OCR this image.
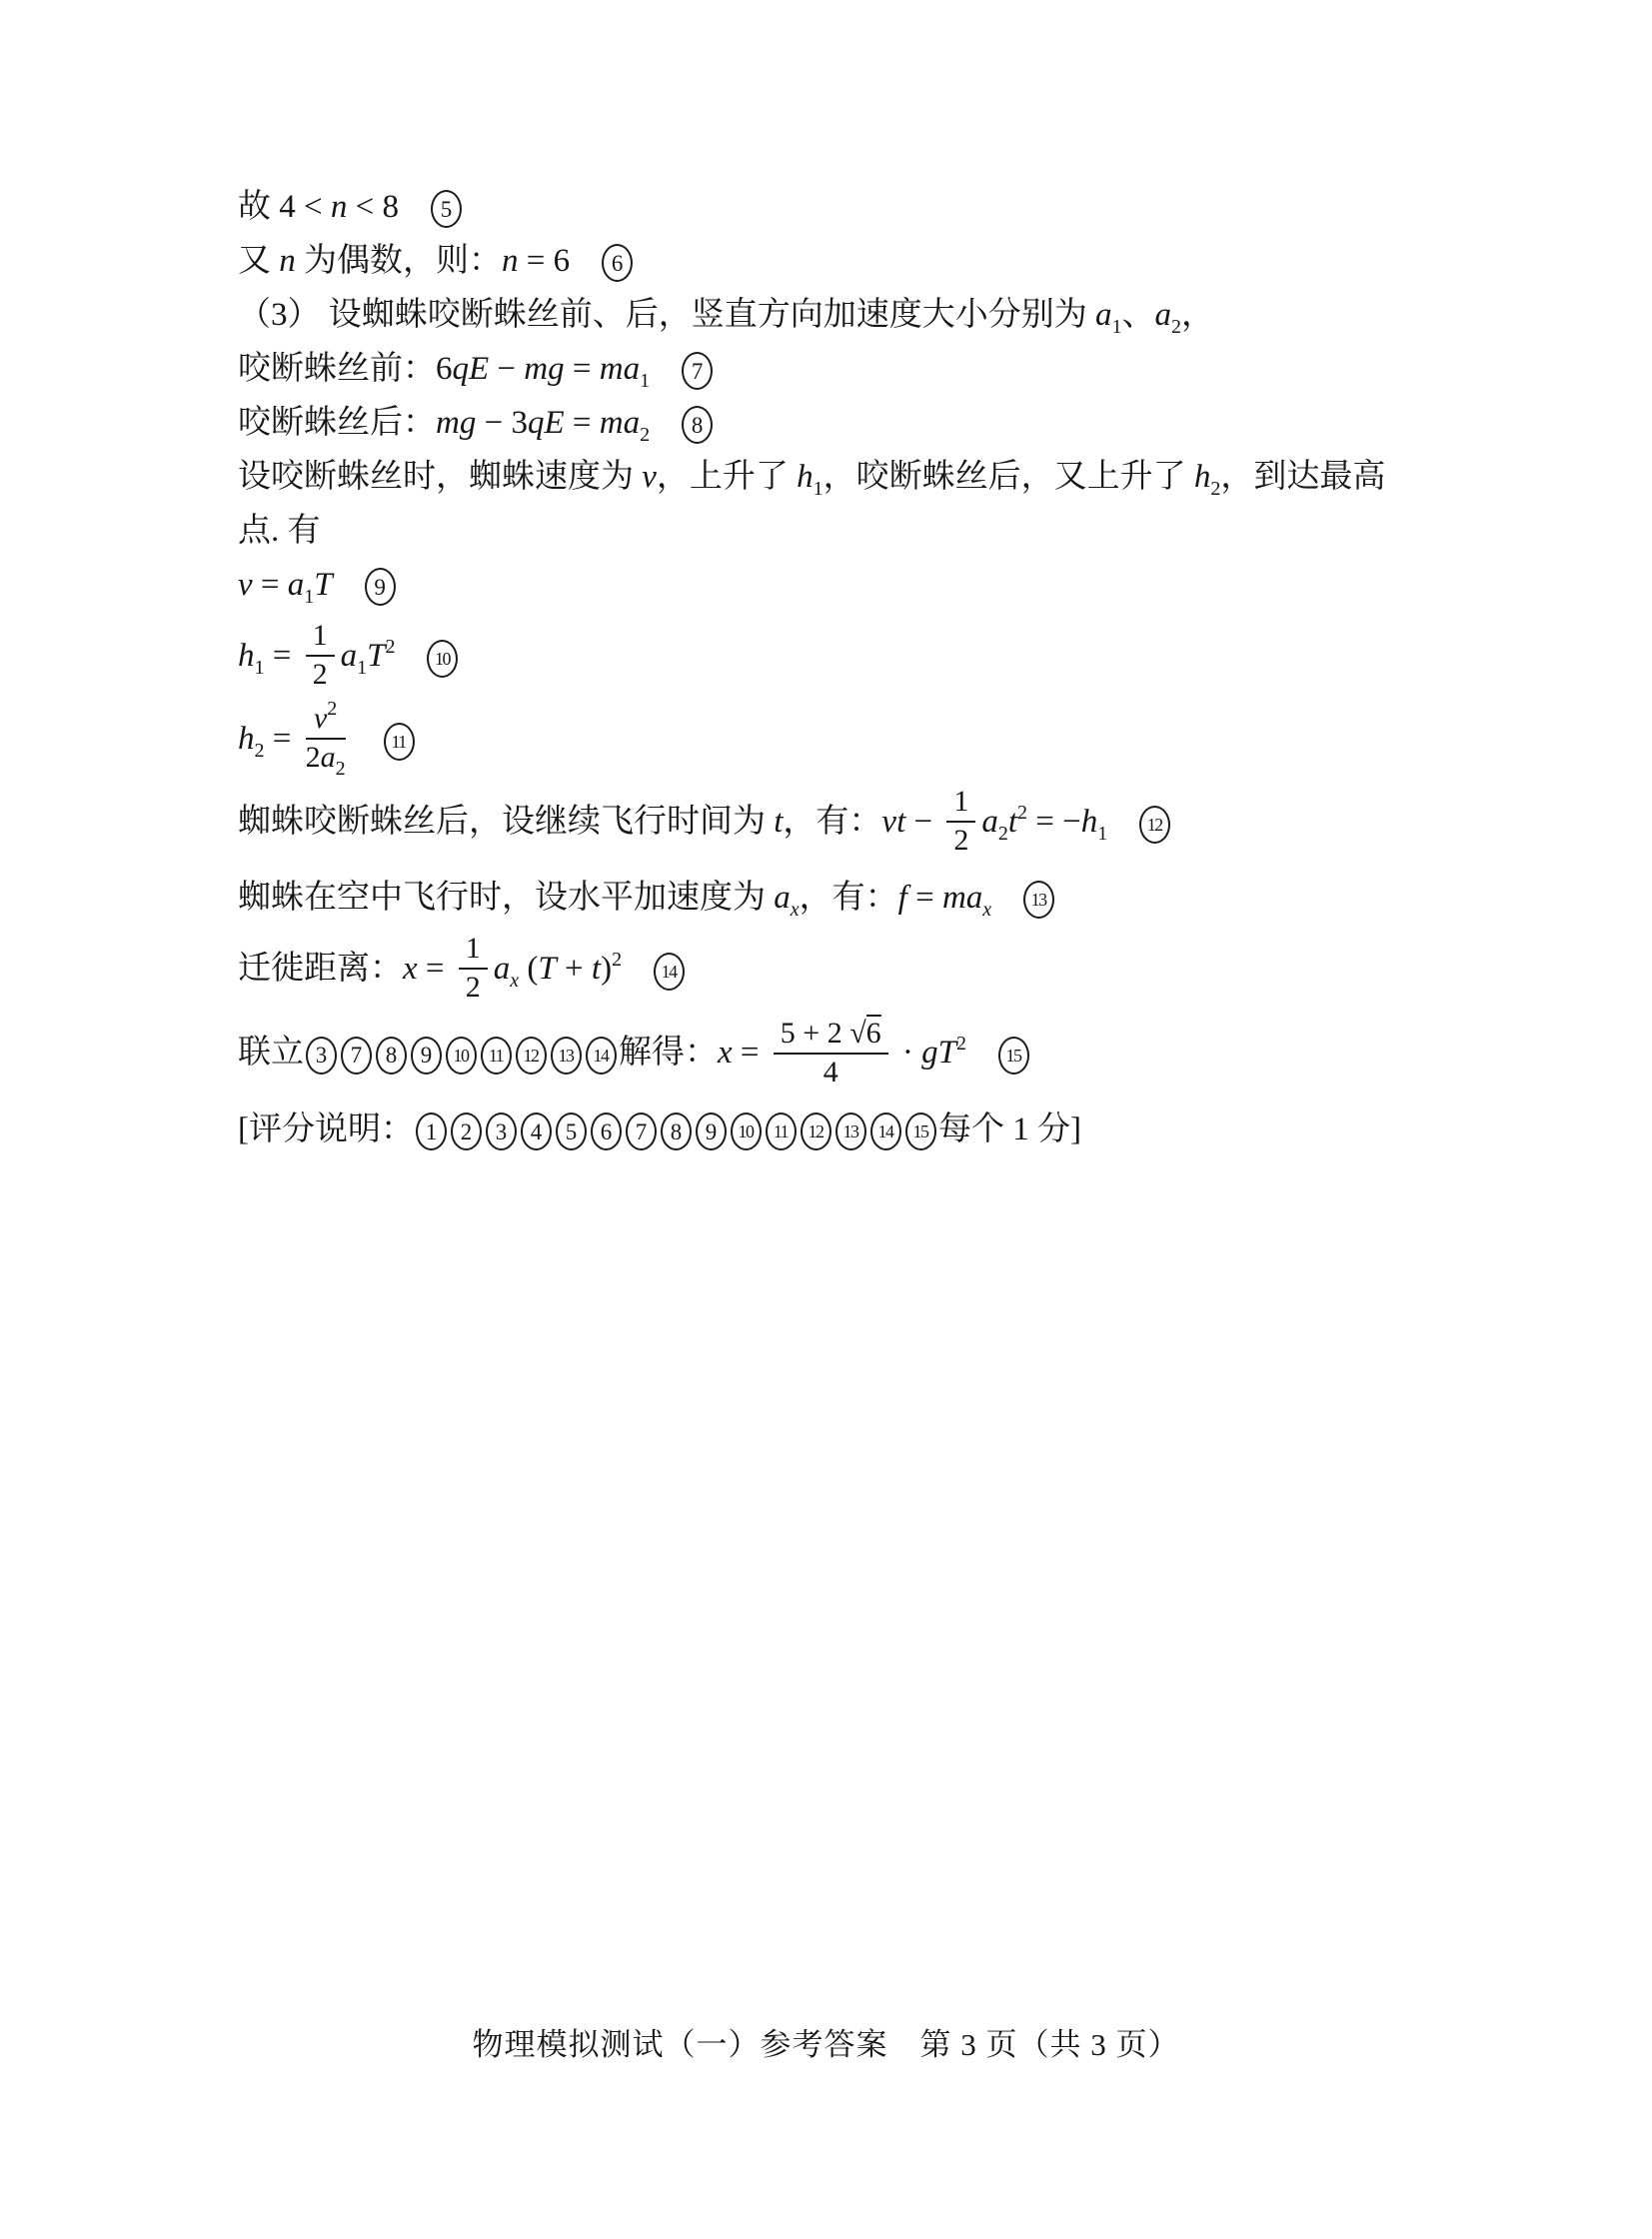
故 4 < n < 8 5
又 n 为偶数，则：n = 6 6
（3） 设蜘蛛咬断蛛丝前、后，竖直方向加速度大小分别为 $a_1$、$a_2$，
咬断蛛丝前：6qE − mg = $ma_1$ 7
咬断蛛丝后：mg − $3qE = ma_2$ 8
设咬断蛛丝时，蜘蛛速度为 v，上升了 $h_1$，咬断蛛丝后，又上升了 $h_2$，到达最高
点. 有
$v = a_1T$ 9
$h_1 = \frac{1}{2} a_1T^210$
$h_2 = \frac{v^2}{2a_2}$	11
蜘蛛咬断蛛丝后，设继续飞行时间为 t，有：vt − $\frac{1}{2} a_2t^2 = -h_1$ 12
蜘蛛在空中飞行时，设水平加速度为 $a_x$，有：$f = ma_x$ 13
迁徙距离：$x = \frac{1}{2} a_x$ $(T + t)^214$
联立 3 7 8 9 10 11 12 13 14 解得：$x = \frac{5 + 2 √6}{4} \cdot gT^215$
[评分说明： 1 2 3 4 5 6 7 8 9 10 11 12 13 14 15 每个 1 分]
物理模拟测试（一）参考答案　第 3 页（共 3 页）
